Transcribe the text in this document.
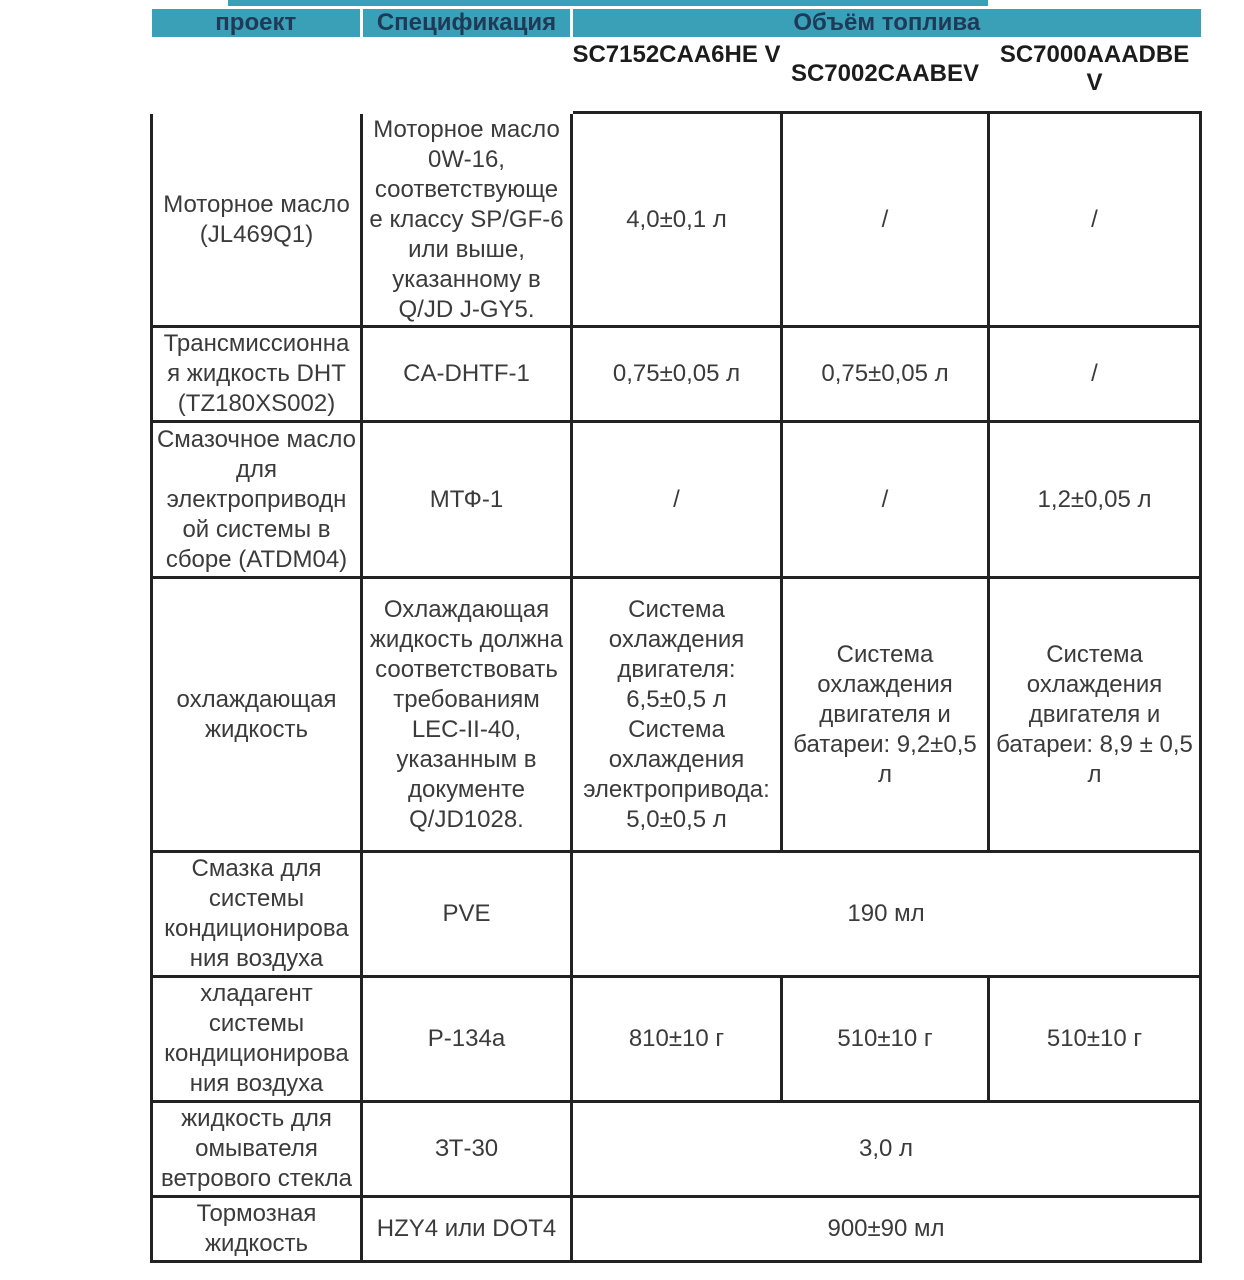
проект	Спецификация	Объём топлива		
		SC7152CAA6HE V	SC7002CAABEV	SC7000AAADBE V
Моторное масло (JL469Q1)	Моторное масло 0W-16, соответствующе е классу SP/GF-6 или выше, указанному в Q/JD J-GY5.	4,0±0,1 л	/	/
Трансмиссионна я жидкость DHT (TZ180XS002)	CA-DHTF-1	0,75±0,05 л	0,75±0,05 л	/
Смазочное масло для электроприводн ой системы в сборе (ATDM04)	МТФ-1	/	/	1,2±0,05 л
охлаждающая жидкость	Охлаждающая жидкость должна соответствовать требованиям LEC-II-40, указанным в документе Q/JD1028.	Система охлаждения двигателя: 6,5±0,5 л Система охлаждения электропривода: 5,0±0,5 л	Система охлаждения двигателя и батареи: 9,2±0,5 л	Система охлаждения двигателя и батареи: 8,9 ± 0,5 л
Смазка для системы кондиционирова ния воздуха	PVE	190 мл		
хладагент системы кондиционирова ния воздуха	Р-134а	810±10 г	510±10 г	510±10 г
жидкость для омывателя ветрового стекла	ЗТ-30	3,0 л		
Тормозная жидкость	HZY4 или DOT4	900±90 мл		
